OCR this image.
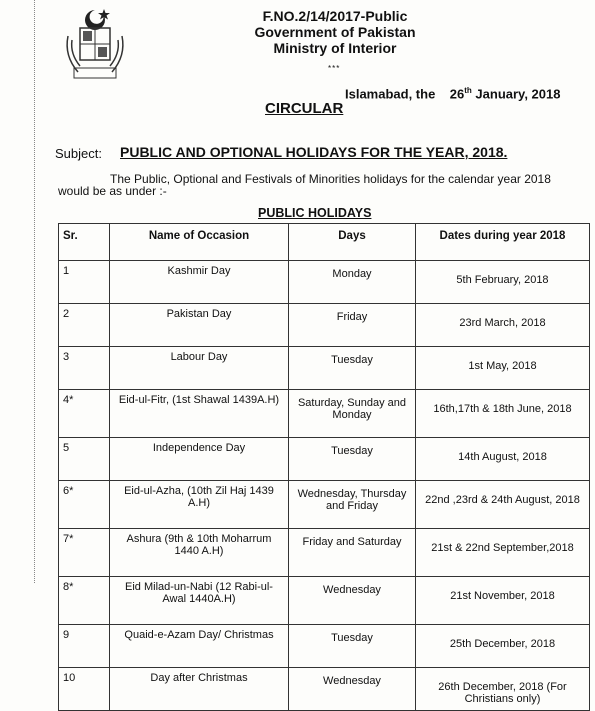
F.NO.2/14/2017-Public
Government of Pakistan
Ministry of Interior
***
Islamabad, the 26th January, 2018
CIRCULAR
Subject: PUBLIC AND OPTIONAL HOLIDAYS FOR THE YEAR, 2018.
The Public, Optional and Festivals of Minorities holidays for the calendar year 2018
would be as under :-
PUBLIC HOLIDAYS
Sr.	Name of Occasion	Days	Dates during year 2018
1	Kashmir Day	Monday	5th February, 2018
2	Pakistan Day	Friday	23rd March, 2018
3	Labour Day	Tuesday	1st May, 2018
4*	Eid-ul-Fitr, (1st Shawal 1439A.H)	Saturday, Sunday and Monday	16th,17th & 18th June, 2018
5	Independence Day	Tuesday	14th August, 2018
6*	Eid-ul-Azha, (10th Zil Haj 1439 A.H)	Wednesday, Thursday and Friday	22nd ,23rd & 24th August, 2018
7*	Ashura (9th & 10th Moharrum 1440 A.H)	Friday and Saturday	21st & 22nd September,2018
8*	Eid Milad-un-Nabi (12 Rabi-ul-Awal 1440A.H)	Wednesday	21st November, 2018
9	Quaid-e-Azam Day/ Christmas	Tuesday	25th December, 2018
10	Day after Christmas	Wednesday	26th December, 2018 (For Christians only)
